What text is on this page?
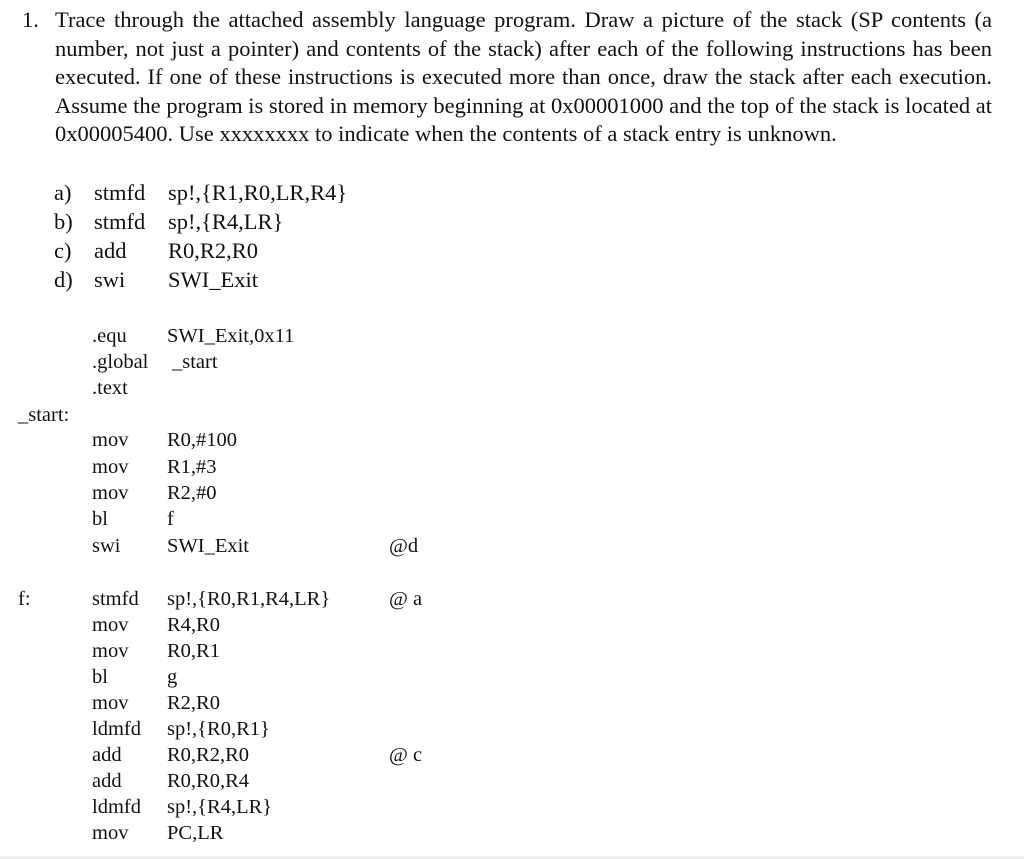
1. Trace through the attached assembly language program. Draw a picture of the stack (SP contents (a number, not just a pointer) and contents of the stack) after each of the following instructions has been executed. If one of these instructions is executed more than once, draw the stack after each execution. Assume the program is stored in memory beginning at 0x00001000 and the top of the stack is located at 0x00005400. Use xxxxxxxx to indicate when the contents of a stack entry is unknown.
a)	stmfd	sp!,{R1,R0,LR,R4}
b) stmfd	sp!,{R4,LR}
c)	add	R0,R2,R0
d) swi	SWI_Exit
.equ SWI_Exit,0x11
.global _start
.text
_start:
mov R0,#100
mov R1,#3
mov R2,#0
bl	f
swi SWI_Exit	@d
f:	stmfd sp!,{R0,R1,R4,LR}	@ a
mov R4,R0
mov R0,R1
bl	g
mov R2,R0
ldmfd sp!,{R0,R1}
add R0,R2,R0	@ c
add R0,R0,R4
ldmfd sp!,{R4,LR}
mov PC,LR
